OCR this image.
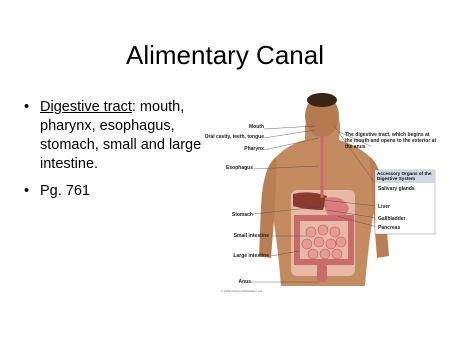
Alimentary Canal
• Digestive tract: mouth, pharynx, esophagus, stomach, small and large intestine.
• Pg. 761
Mouth
Oral cavity, teeth, tongue
Pharynx
Esophagus
Stomach
Small intestine
Large intestine
Anus
The digestive tract, which begins at the mouth and opens to the exterior at the anus
Accessory Organs of the Digestive System
Salivary glands
Liver
Gallbladder
Pancreas
© 2011 Pearson Education, Inc.
